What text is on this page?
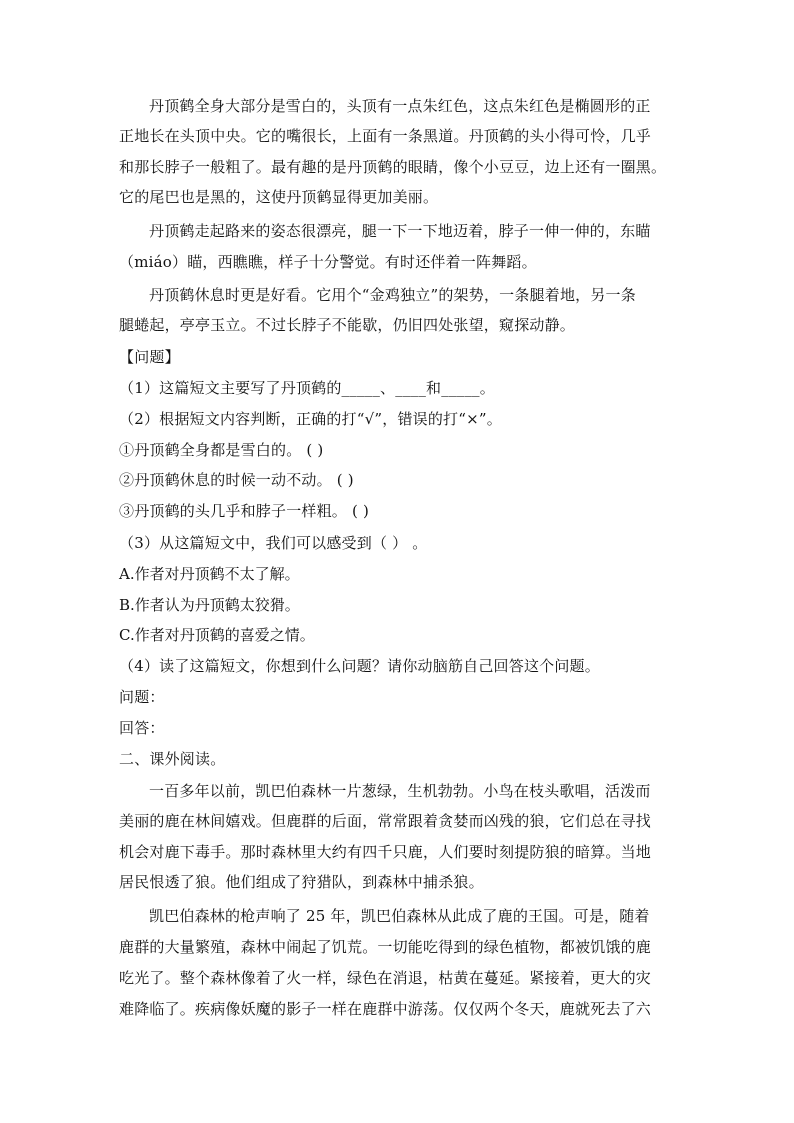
丹顶鹤全身大部分是雪白的，头顶有一点朱红色，这点朱红色是椭圆形的正
正地长在头顶中央。它的嘴很长，上面有一条黑道。丹顶鹤的头小得可怜，几乎
和那长脖子一般粗了。最有趣的是丹顶鹤的眼睛，像个小豆豆，边上还有一圈黑。
它的尾巴也是黑的，这使丹顶鹤显得更加美丽。
丹顶鹤走起路来的姿态很漂亮，腿一下一下地迈着，脖子一伸一伸的，东瞄
（miáo）瞄，西瞧瞧，样子十分警觉。有时还伴着一阵舞蹈。
丹顶鹤休息时更是好看。它用个“金鸡独立”的架势，一条腿着地，另一条
腿蜷起，亭亭玉立。不过长脖子不能歇，仍旧四处张望，窥探动静。
【问题】
（1）这篇短文主要写了丹顶鹤的_____、____和_____。
（2）根据短文内容判断，正确的打“√”，错误的打“×”。
①丹顶鹤全身都是雪白的。 ( )
②丹顶鹤休息的时候一动不动。 ( )
③丹顶鹤的头几乎和脖子一样粗。 ( )
（3）从这篇短文中，我们可以感受到（ ） 。
A.作者对丹顶鹤不太了解。
B.作者认为丹顶鹤太狡猾。
C.作者对丹顶鹤的喜爱之情。
（4）读了这篇短文，你想到什么问题？请你动脑筋自己回答这个问题。
问题：
回答：
二、课外阅读。
一百多年以前，凯巴伯森林一片葱绿，生机勃勃。小鸟在枝头歌唱，活泼而
美丽的鹿在林间嬉戏。但鹿群的后面，常常跟着贪婪而凶残的狼，它们总在寻找
机会对鹿下毒手。那时森林里大约有四千只鹿，人们要时刻提防狼的暗算。当地
居民恨透了狼。他们组成了狩猎队，到森林中捕杀狼。
凯巴伯森林的枪声响了 25 年，凯巴伯森林从此成了鹿的王国。可是，随着
鹿群的大量繁殖，森林中闹起了饥荒。一切能吃得到的绿色植物，都被饥饿的鹿
吃光了。整个森林像着了火一样，绿色在消退，枯黄在蔓延。紧接着，更大的灾
难降临了。疾病像妖魔的影子一样在鹿群中游荡。仅仅两个冬天，鹿就死去了六
